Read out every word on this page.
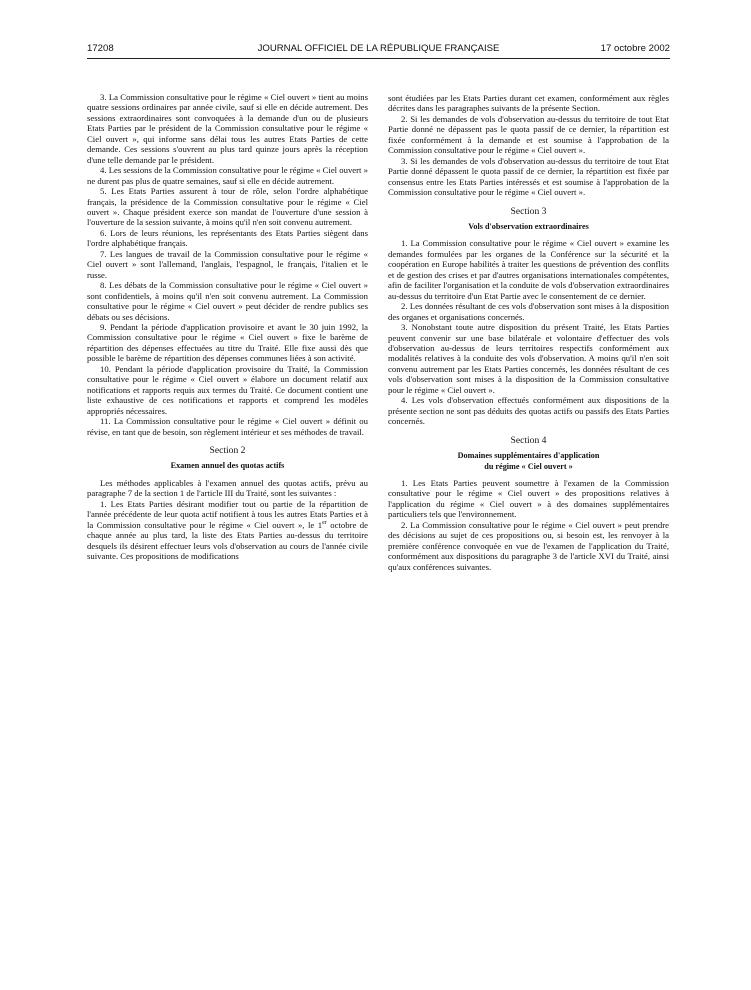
17208	JOURNAL OFFICIEL DE LA RÉPUBLIQUE FRANÇAISE	17 octobre 2002

3. La Commission consultative pour le régime « Ciel ouvert » tient au moins quatre sessions ordinaires par année civile, sauf si elle en décide autrement. Des sessions extraordinaires sont convoquées à la demande d'un ou de plusieurs Etats Parties par le président de la Commission consultative pour le régime « Ciel ouvert », qui informe sans délai tous les autres Etats Parties de cette demande. Ces sessions s'ouvrent au plus tard quinze jours après la réception d'une telle demande par le président.

4. Les sessions de la Commission consultative pour le régime « Ciel ouvert » ne durent pas plus de quatre semaines, sauf si elle en décide autrement.

5. Les Etats Parties assurent à tour de rôle, selon l'ordre alphabétique français, la présidence de la Commission consultative pour le régime « Ciel ouvert ». Chaque président exerce son mandat de l'ouverture d'une session à l'ouverture de la session suivante, à moins qu'il n'en soit convenu autrement.

6. Lors de leurs réunions, les représentants des Etats Parties siègent dans l'ordre alphabétique français.

7. Les langues de travail de la Commission consultative pour le régime « Ciel ouvert » sont l'allemand, l'anglais, l'espagnol, le français, l'italien et le russe.

8. Les débats de la Commission consultative pour le régime « Ciel ouvert » sont confidentiels, à moins qu'il n'en soit convenu autrement. La Commission consultative pour le régime « Ciel ouvert » peut décider de rendre publics ses débats ou ses décisions.

9. Pendant la période d'application provisoire et avant le 30 juin 1992, la Commission consultative pour le régime « Ciel ouvert » fixe le barème de répartition des dépenses effectuées au titre du Traité. Elle fixe aussi dès que possible le barème de répartition des dépenses communes liées à son activité.

10. Pendant la période d'application provisoire du Traité, la Commission consultative pour le régime « Ciel ouvert » élabore un document relatif aux notifications et rapports requis aux termes du Traité. Ce document contient une liste exhaustive de ces notifications et rapports et comprend les modèles appropriés nécessaires.

11. La Commission consultative pour le régime « Ciel ouvert » définit ou révise, en tant que de besoin, son règlement intérieur et ses méthodes de travail.

Section 2

Examen annuel des quotas actifs

Les méthodes applicables à l'examen annuel des quotas actifs, prévu au paragraphe 7 de la section 1 de l'article III du Traité, sont les suivantes :

1. Les Etats Parties désirant modifier tout ou partie de la répartition de l'année précédente de leur quota actif notifient à tous les autres Etats Parties et à la Commission consultative pour le régime « Ciel ouvert », le 1er octobre de chaque année au plus tard, la liste des Etats Parties au-dessus du territoire desquels ils désirent effectuer leurs vols d'observation au cours de l'année civile suivante. Ces propositions de modifications

sont étudiées par les Etats Parties durant cet examen, conformément aux règles décrites dans les paragraphes suivants de la présente Section.

2. Si les demandes de vols d'observation au-dessus du territoire de tout Etat Partie donné ne dépassent pas le quota passif de ce dernier, la répartition est fixée conformément à la demande et est soumise à l'approbation de la Commission consultative pour le régime « Ciel ouvert ».

3. Si les demandes de vols d'observation au-dessus du territoire de tout Etat Partie donné dépassent le quota passif de ce dernier, la répartition est fixée par consensus entre les Etats Parties intéressés et est soumise à l'approbation de la Commission consultative pour le régime « Ciel ouvert ».

Section 3

Vols d'observation extraordinaires

1. La Commission consultative pour le régime « Ciel ouvert » examine les demandes formulées par les organes de la Conférence sur la sécurité et la coopération en Europe habilités à traiter les questions de prévention des conflits et de gestion des crises et par d'autres organisations internationales compétentes, afin de faciliter l'organisation et la conduite de vols d'observation extraordinaires au-dessus du territoire d'un Etat Partie avec le consentement de ce dernier.

2. Les données résultant de ces vols d'observation sont mises à la disposition des organes et organisations concernés.

3. Nonobstant toute autre disposition du présent Traité, les Etats Parties peuvent convenir sur une base bilatérale et volontaire d'effectuer des vols d'observation au-dessus de leurs territoires respectifs conformément aux modalités relatives à la conduite des vols d'observation. A moins qu'il n'en soit convenu autrement par les Etats Parties concernés, les données résultant de ces vols d'observation sont mises à la disposition de la Commission consultative pour le régime « Ciel ouvert ».

4. Les vols d'observation effectués conformément aux dispositions de la présente section ne sont pas déduits des quotas actifs ou passifs des Etats Parties concernés.

Section 4

Domaines supplémentaires d'application

du régime « Ciel ouvert »

1. Les Etats Parties peuvent soumettre à l'examen de la Commission consultative pour le régime « Ciel ouvert » des propositions relatives à l'application du régime « Ciel ouvert » à des domaines supplémentaires particuliers tels que l'environnement.

2. La Commission consultative pour le régime « Ciel ouvert » peut prendre des décisions au sujet de ces propositions ou, si besoin est, les renvoyer à la première conférence convoquée en vue de l'examen de l'application du Traité, conformément aux dispositions du paragraphe 3 de l'article XVI du Traité, ainsi qu'aux conférences suivantes.
